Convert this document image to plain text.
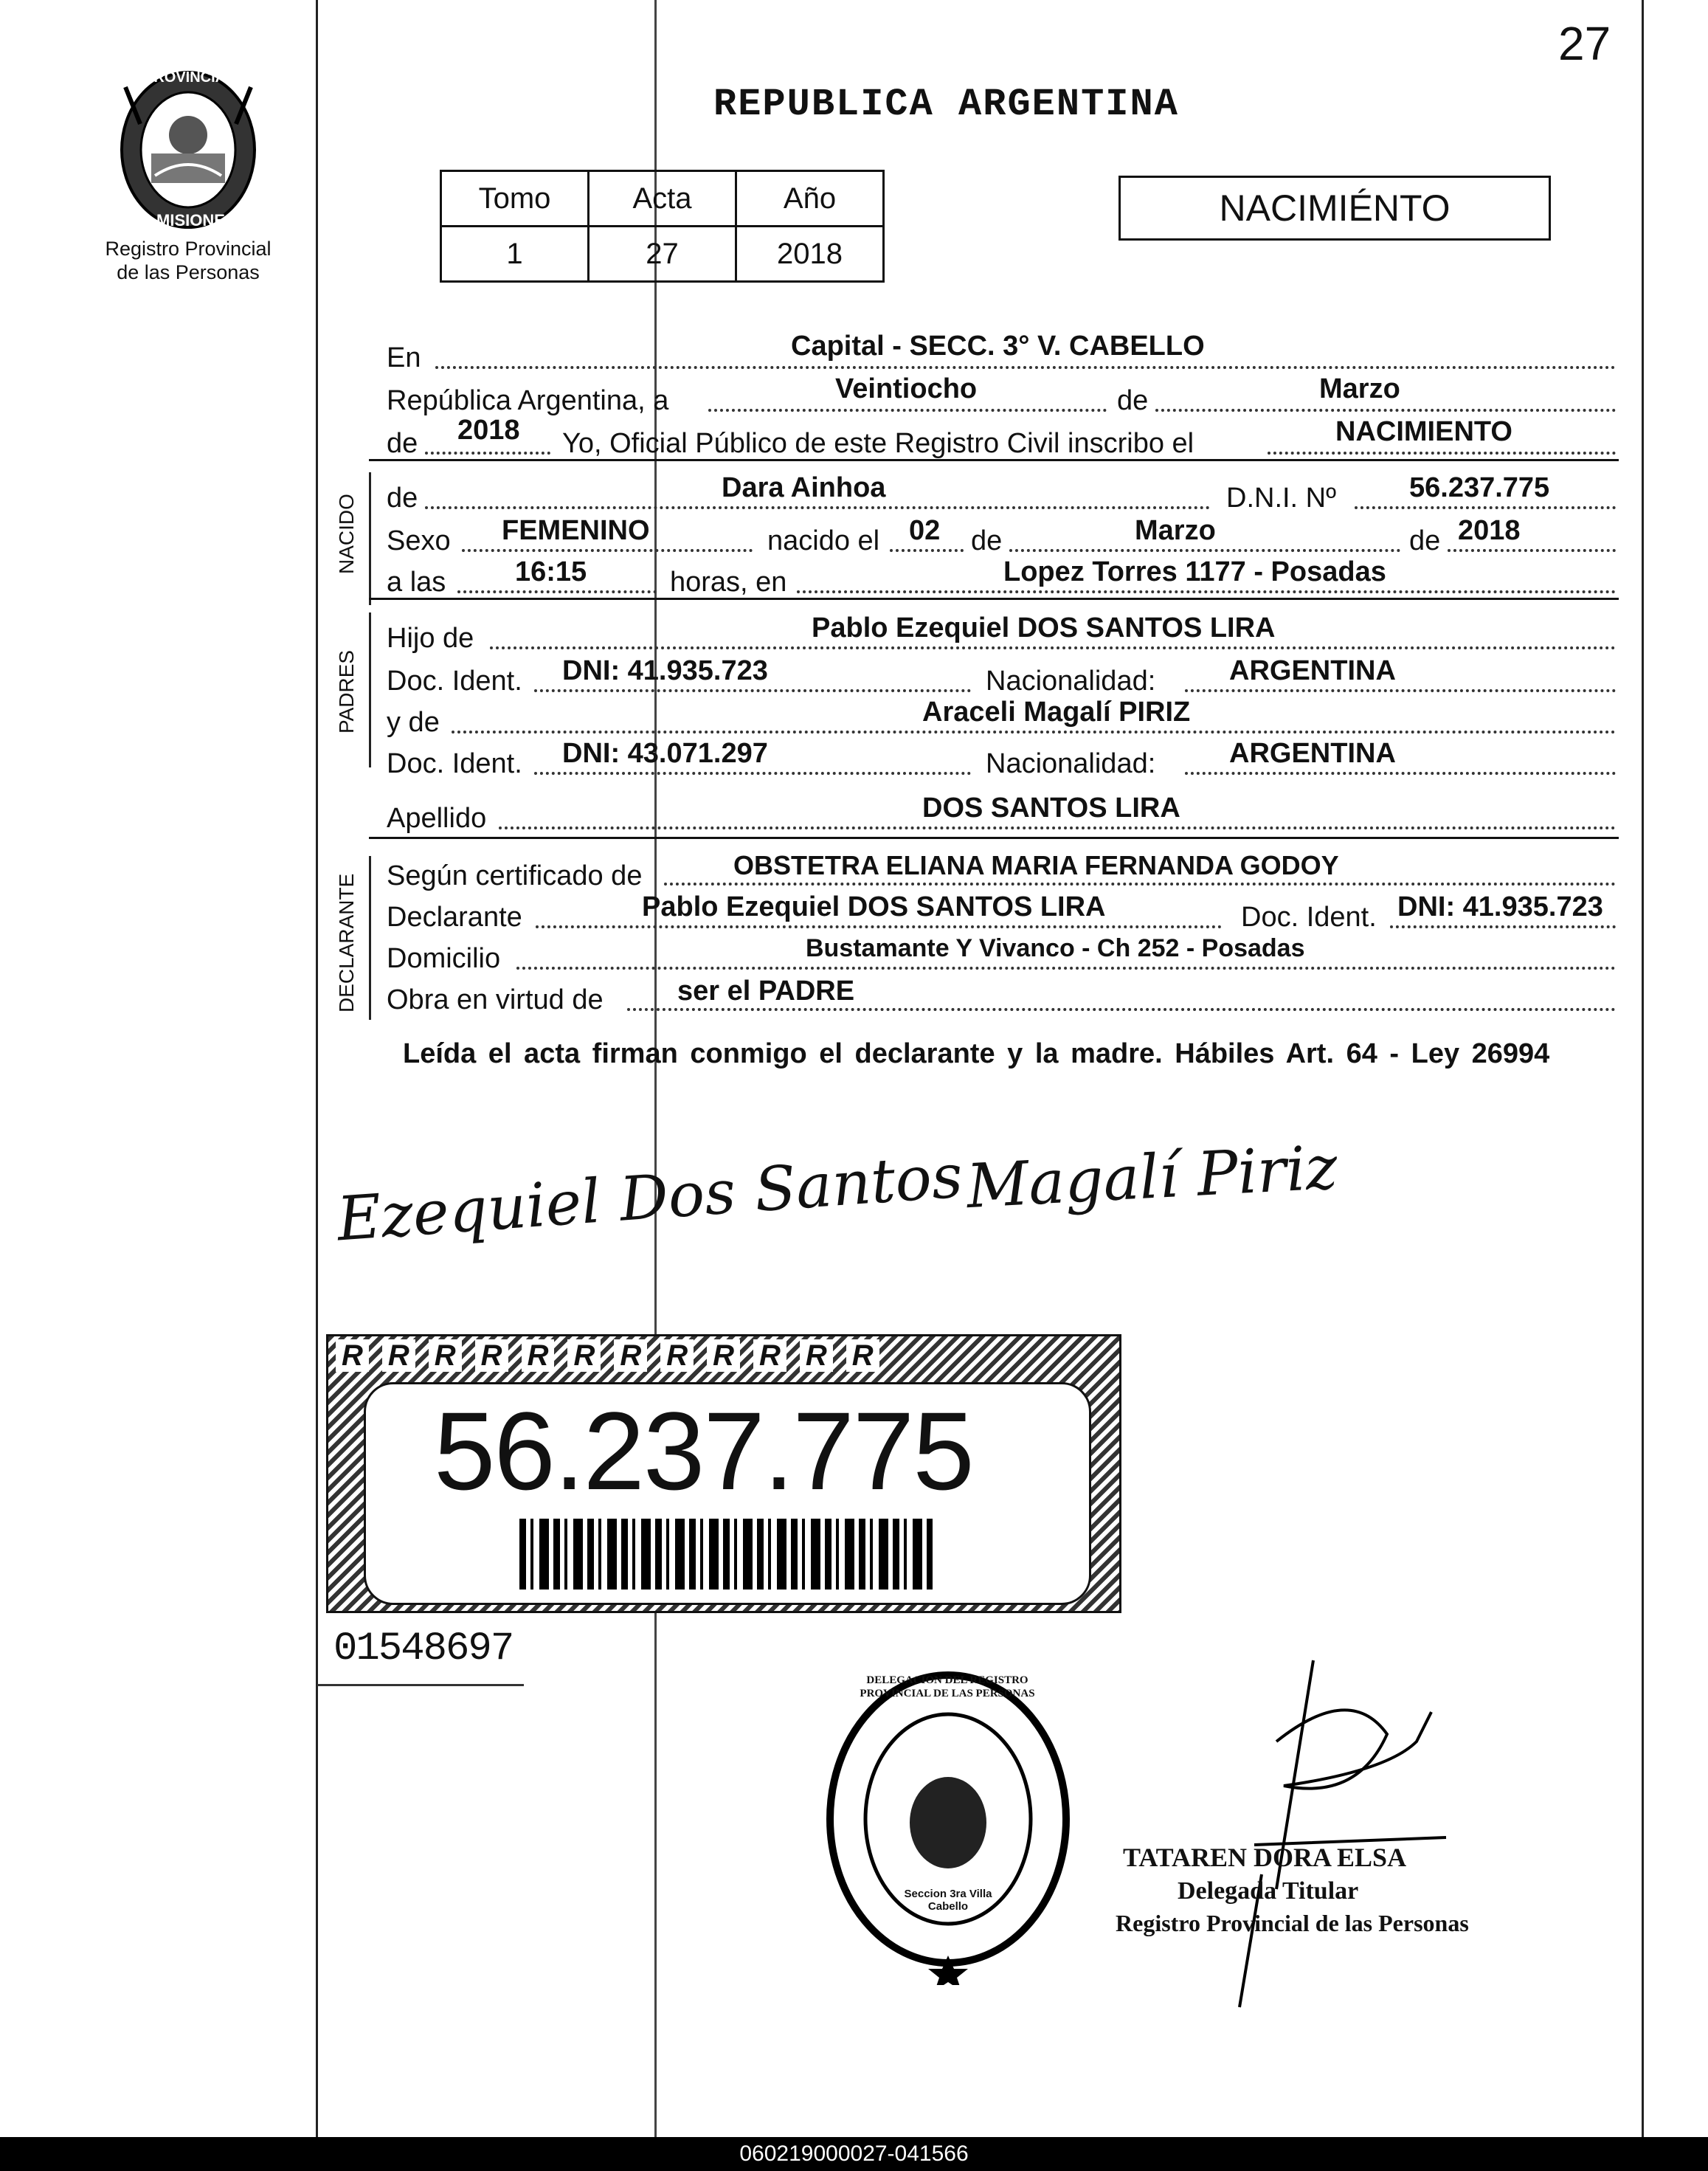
27
PROVINCIA DE
MISIONES
Registro Provincial
de las Personas
REPUBLICA ARGENTINA
Tomo	Acta	Año
1	27	2018
NACIMIÉNTO
En	Capital - SECC. 3° V. CABELLO
República Argentina, a	Veintiocho	de	Marzo
de 2018 Yo, Oficial Público de este Registro Civil inscribo el	NACIMIENTO
NACIDO de	Dara Ainhoa	D.N.I. Nº	56.237.775
Sexo FEMENINO	nacido el 02 de	Marzo	de 2018
a las 16:15	horas, en	Lopez Torres 1177 - Posadas
PADRES
Hijo de	Pablo Ezequiel DOS SANTOS LIRA
Doc. Ident. DNI: 41.935.723	Nacionalidad:	ARGENTINA
y de	Araceli Magalí PIRIZ
Doc. Ident. DNI: 43.071.297	Nacionalidad:	ARGENTINA
Apellido	DOS SANTOS LIRA
DECLARANTE Según certificado de	OBSTETRA ELIANA MARIA FERNANDA GODOY
Declarante	Pablo Ezequiel DOS SANTOS LIRA	Doc. Ident. DNI: 41.935.723
Domicilio	Bustamante Y Vivanco - Ch 252 - Posadas
Obra en virtud de	ser el PADRE
Leída el acta firman conmigo el declarante y la madre. Hábiles Art. 64 - Ley 26994
Ezequiel Dos Santos Magalí Piriz
R R R R R R R R R R R R
56.237.775
01548697
DELEGACION DEL REGISTRO PROVINCIAL DE LAS PERSONAS
Seccion 3ra Villa Cabello
TATAREN DORA ELSA
Delegada Titular
Registro Provincial de las Personas
060219000027-041566
